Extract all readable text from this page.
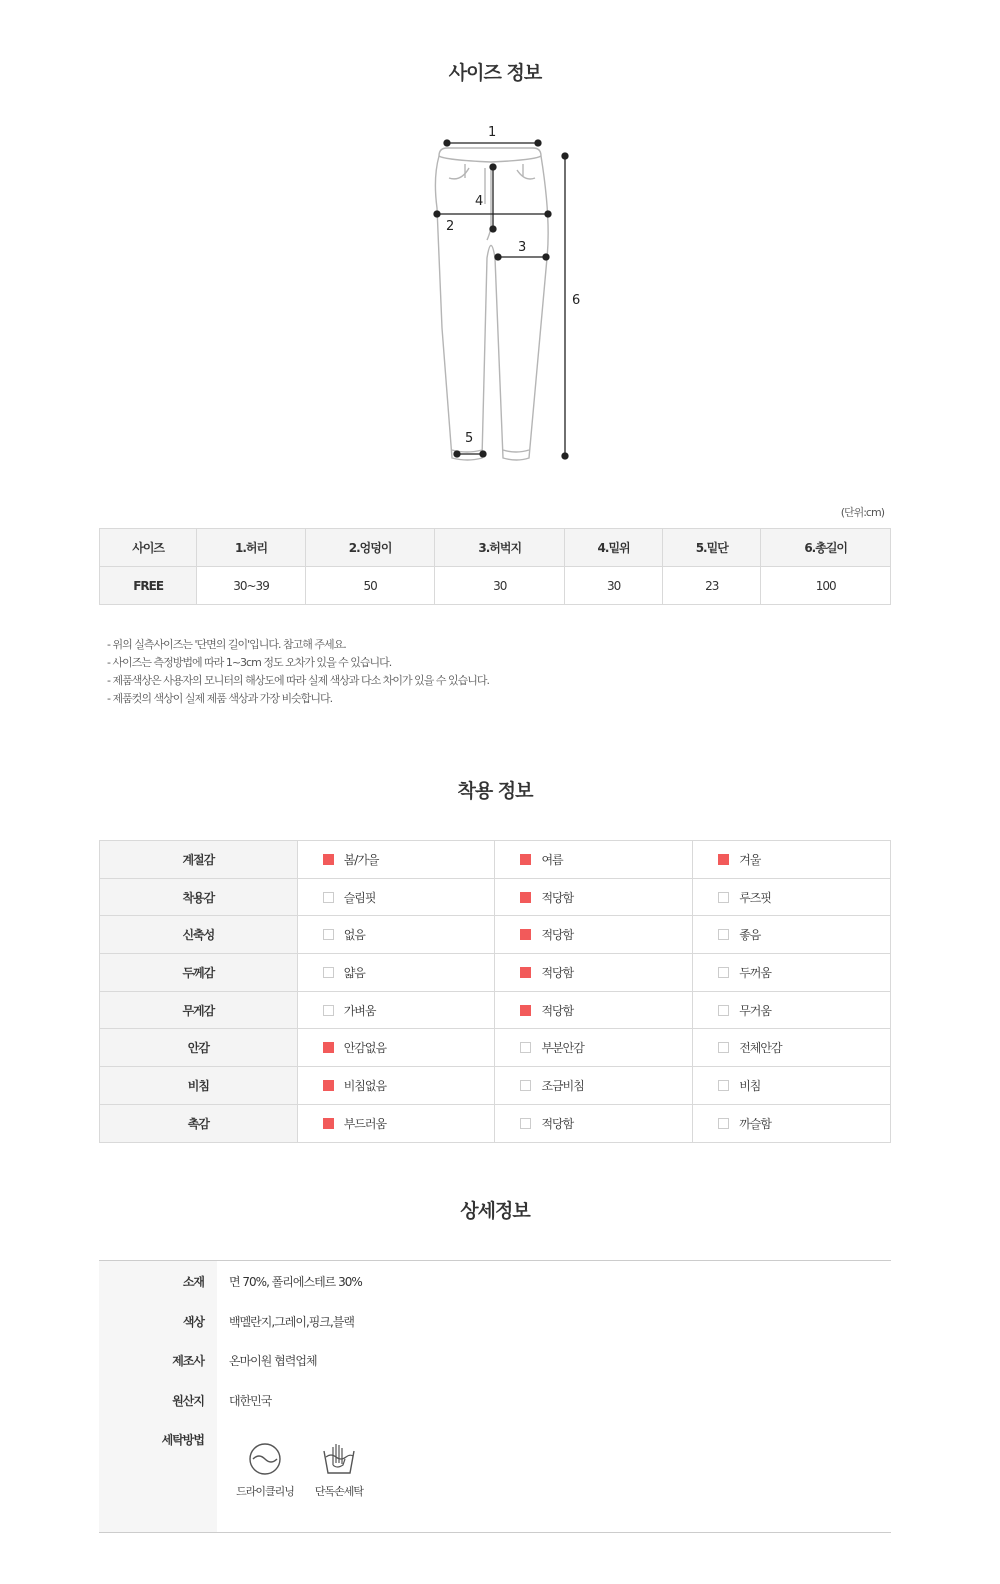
사이즈 정보
1
2
3
4
5
6
(단위:cm)
사이즈	1.허리	2.엉덩이	3.허벅지	4.밑위	5.밑단	6.총길이
FREE	30~39	50	30	30	23	100
- 위의 실측사이즈는 '단면의 길이'입니다. 참고해 주세요.
- 사이즈는 측정방법에 따라 1~3cm 정도 오차가 있을 수 있습니다.
- 제품색상은 사용자의 모니터의 해상도에 따라 실제 색상과 다소 차이가 있을 수 있습니다.
- 제품컷의 색상이 실제 제품 색상과 가장 비슷합니다.
착용 정보
계절감	봄/가을	여름	겨울
착용감	슬림핏	적당함	루즈핏
신축성	없음	적당함	좋음
두께감	얇음	적당함	두꺼움
무게감	가벼움	적당함	무거움
안감	안감없음	부분안감	전체안감
비침	비침없음	조금비침	비침
촉감	부드러움	적당함	까슬함
상세정보
소재 면 70%, 폴리에스테르 30%
색상 백멜란지,그레이,핑크,블랙
제조사 온마이원 협력업체
원산지 대한민국
세탁방법
드라이클리닝	단독손세탁
